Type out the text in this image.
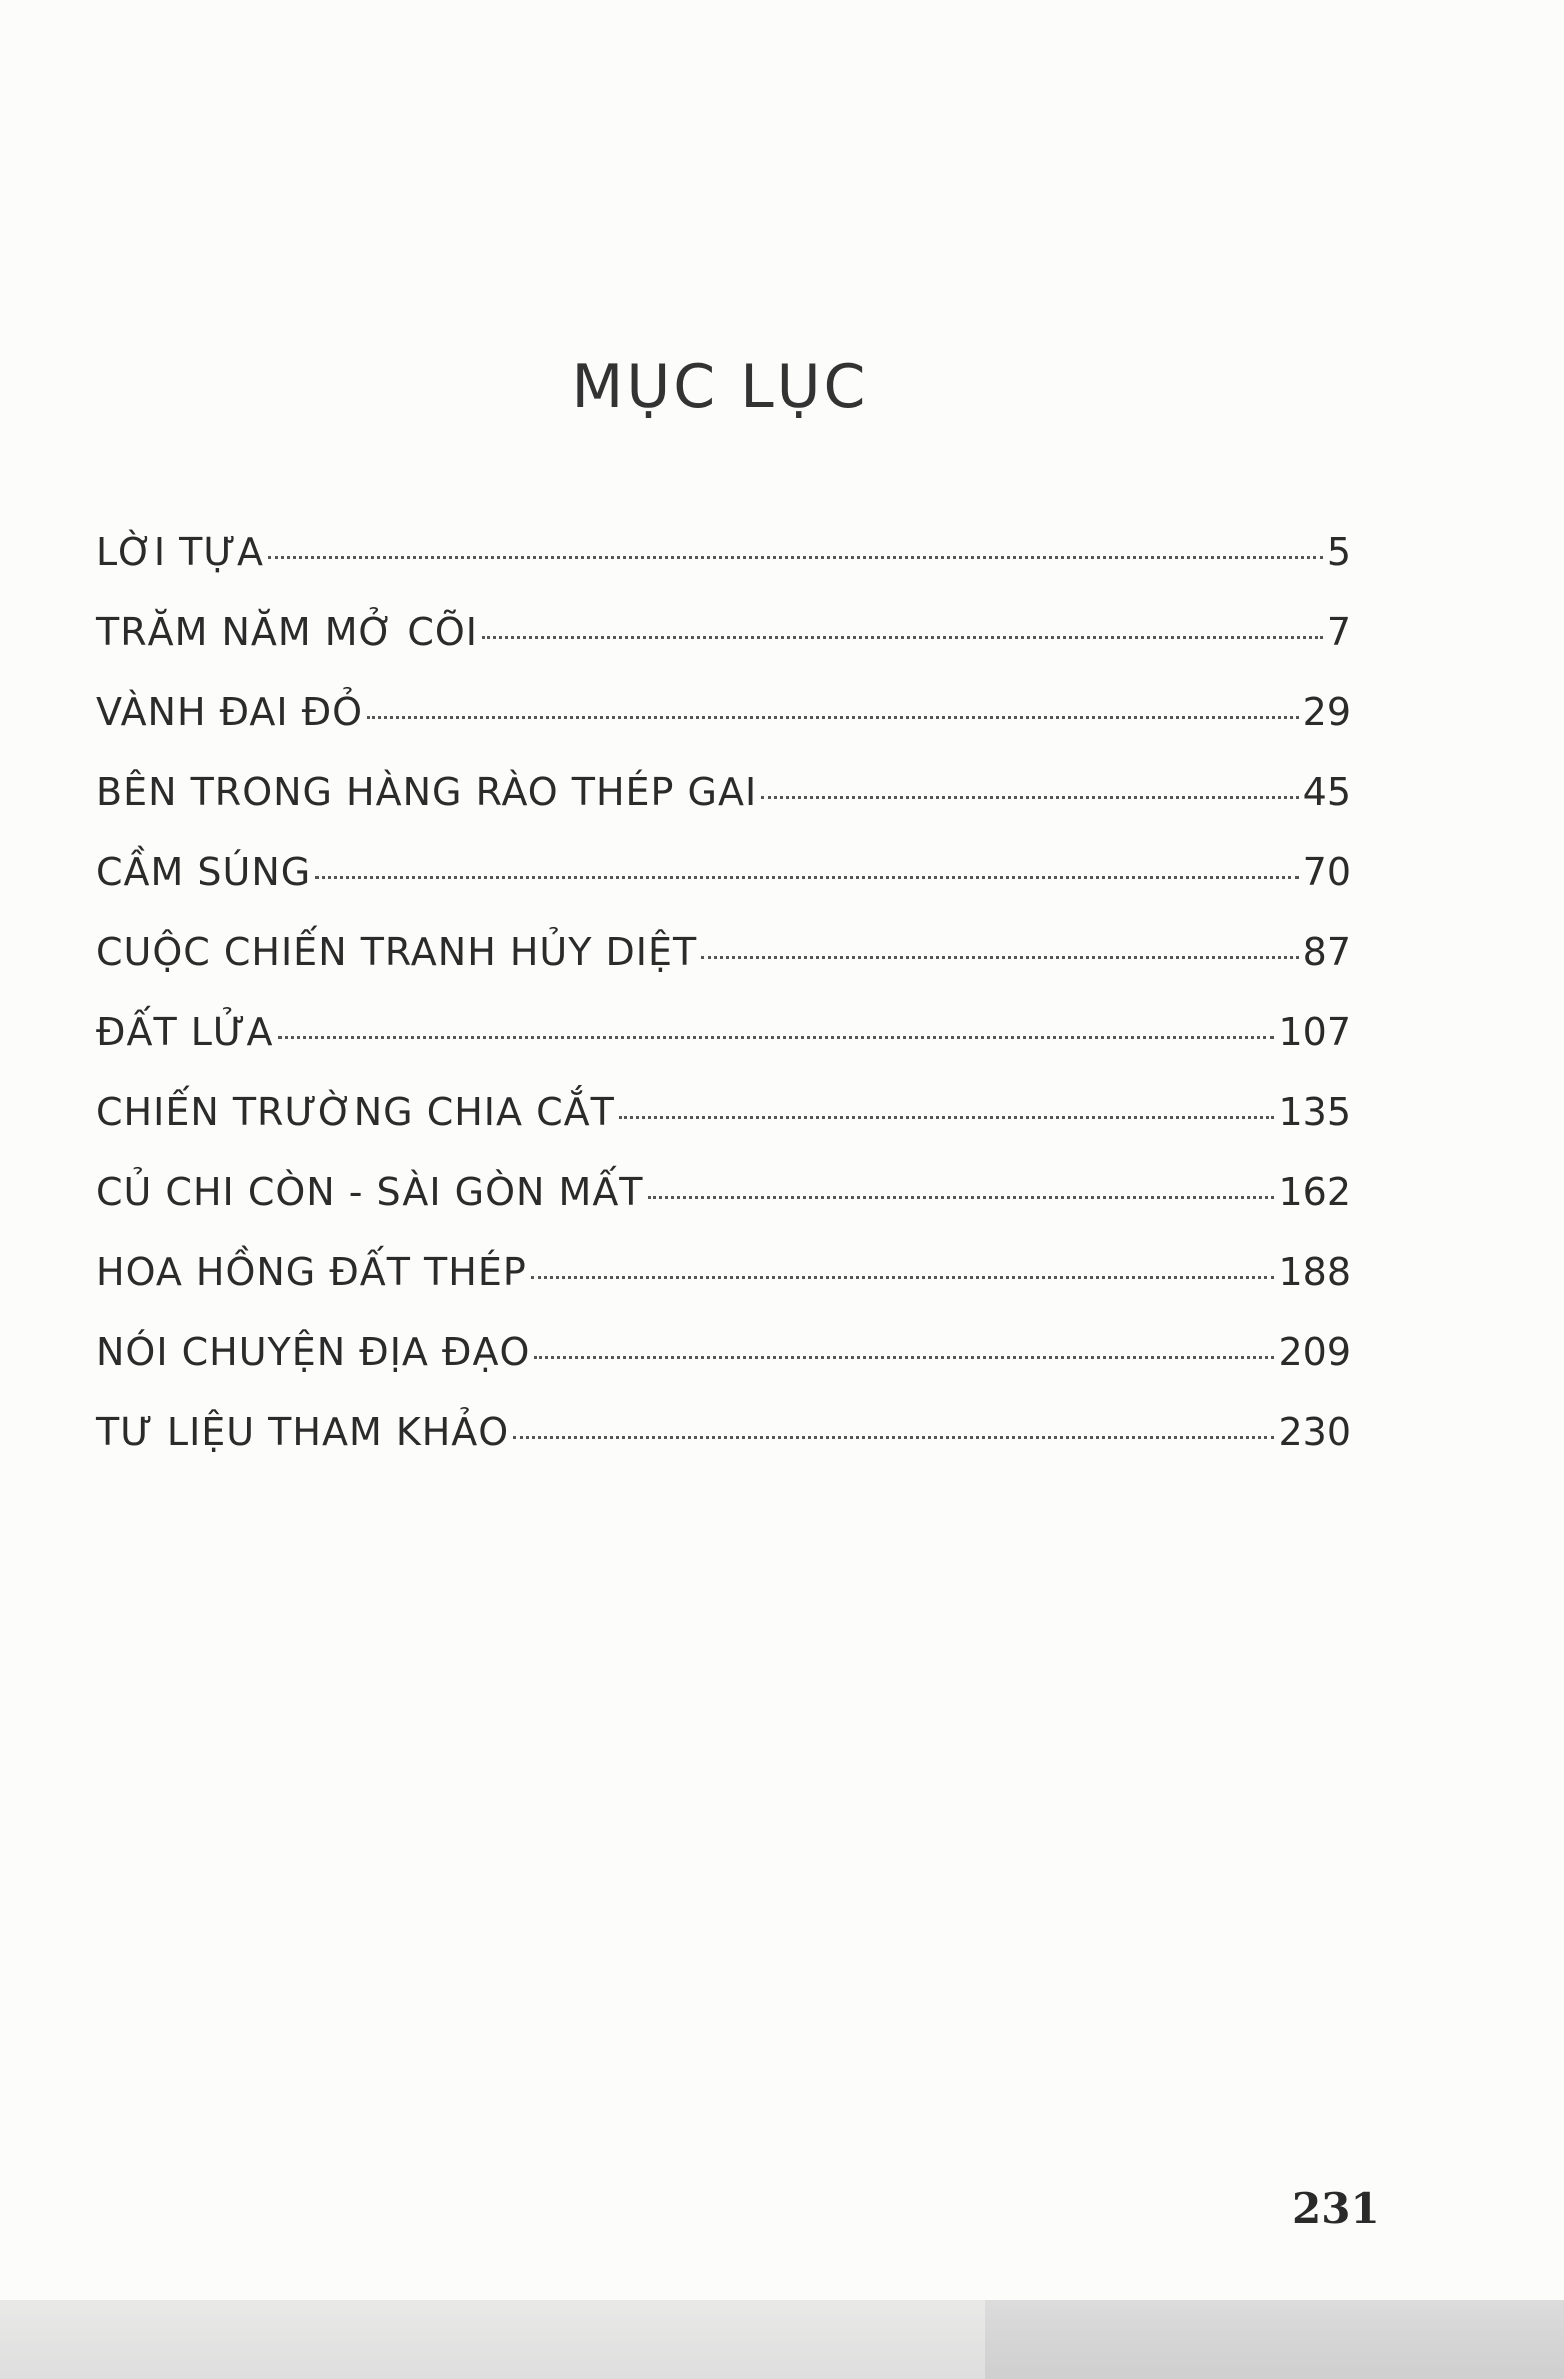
MỤC LỤC
LỜI TỰA	5
TRĂM NĂM MỞ CÕI	7
VÀNH ĐAI ĐỎ	29
BÊN TRONG HÀNG RÀO THÉP GAI	45
CẦM SÚNG	70
CUỘC CHIẾN TRANH HỦY DIỆT	87
ĐẤT LỬA	107
CHIẾN TRƯỜNG CHIA CẮT	135
CỦ CHI CÒN - SÀI GÒN MẤT	162
HOA HỒNG ĐẤT THÉP	188
NÓI CHUYỆN ĐỊA ĐẠO	209
TƯ LIỆU THAM KHẢO	230
231
